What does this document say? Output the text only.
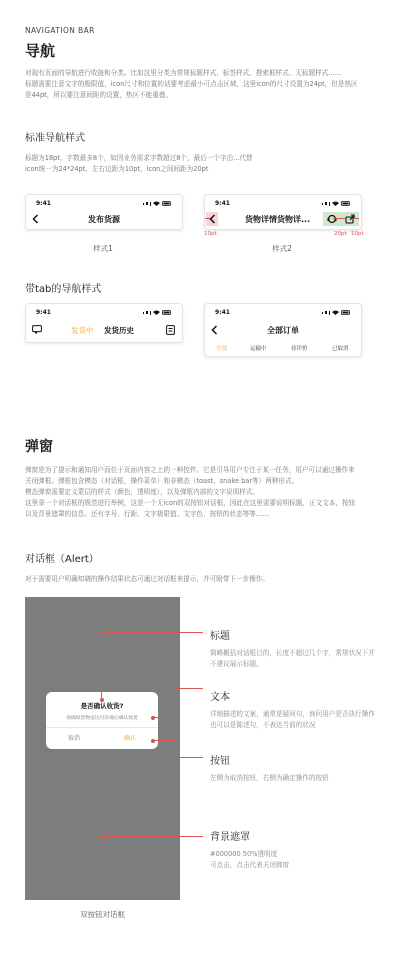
NAVIGATION BAR
导航
对现有页面的导航进行收拢和分类。比如这里分类为常规标题样式、标签样式、搜索框样式、无标题样式……
标题需要注意文字的极限值，icon尺寸和位置的话要考虑最小可点击区域，这里icon的尺寸设置为24pt，但是热区
是44pt，所以要注意间距的设置，热区不能重叠。
标准导航样式
标题为18pt，字数最多8个，如因业务需求字数超过8个，最后一个字由...代替
icon统一为24*24pt，左右边距为10pt，icon之间间距为20pt
9:41
发布货源
样式1
9:41
货物详情货物详...
10pt	20pt 10pt
样式2
带tab的导航样式
9:41
发货中 发货历史
9:41
全部订单
全部	运输中	待评价	已取消
弹窗
弹窗是为了提示和通知用户而位于页面内容之上的一种控件。它是引导用户专注于某一任务，用户可以通过操作来
关闭弹框。弹框包含模态（对话框，操作菜单）和非模态（toast、snake bar等）两种形式。
模态弹窗需要定义蒙层的样式（颜色，透明度），以及弹框内部的文字说明样式。
这里拿一个对话框的规范进行举例，这是一个无icon的双按钮对话框，因此在这里需要说明标题，正文文本，按钮
以及背景遮罩的信息。还有字号、行距、文字极限值、文字色、按钮的状态等等……
对话框（Alert）
对于需要用户明确知晓的操作结果状态可通过对话框来提示，并可附带下一步操作。
是否确认收货?
请确保货物送达目的地后确认收货
取消	确认
双按钮对话框
标题
简略概括对话框目的，长度不超过几个字，常规状况下并
不建议展示标题。
文本
详细描述的文案，通常是疑问句，询问用户是否执行操作
也可以是陈述句，不表达当前的状况
按钮
左侧为取消按钮，右侧为确定操作的按钮
背景遮罩
#000000 50%透明度
可点击，点击代表关闭弹窗
